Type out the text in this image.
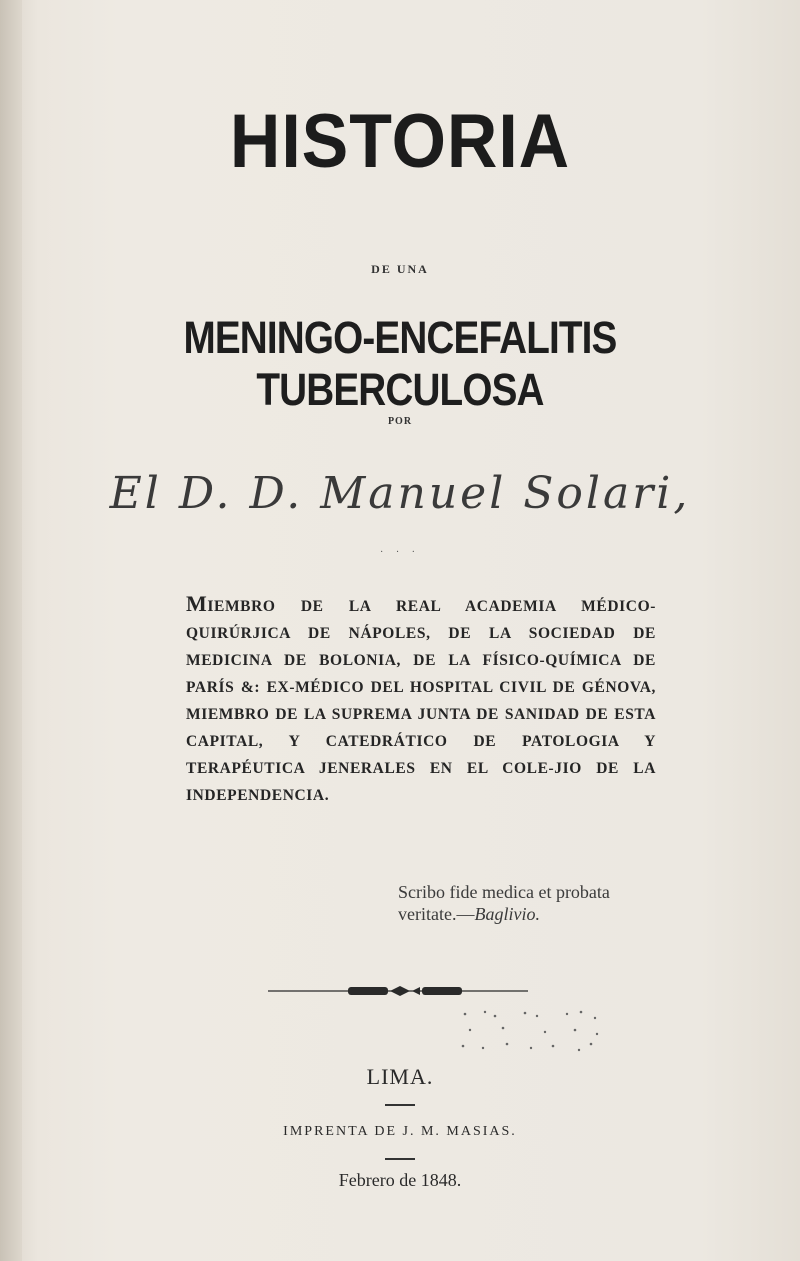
HISTORIA
DE UNA
MENINGO-ENCEFALITIS TUBERCULOSA
POR
El D. D. Manuel Solari,
· · ·
MIEMBRO DE LA REAL ACADEMIA MÉDICO-QUIRÚRJICA DE NÁPOLES, DE LA SOCIEDAD DE MEDICINA DE BOLONIA, DE LA FÍSICO-QUÍMICA DE PARÍS &: EX-MÉDICO DEL HOSPITAL CIVIL DE GÉNOVA, MIEMBRO DE LA SUPREMA JUNTA DE SANIDAD DE ESTA CAPITAL, Y CATEDRÁTICO DE PATOLOGIA Y TERAPÉUTICA JENERALES EN EL COLE-JIO DE LA INDEPENDENCIA.
Scribo fide medica et probata veritate.—Baglivio.
LIMA.
IMPRENTA DE J. M. MASIAS.
Febrero de 1848.
